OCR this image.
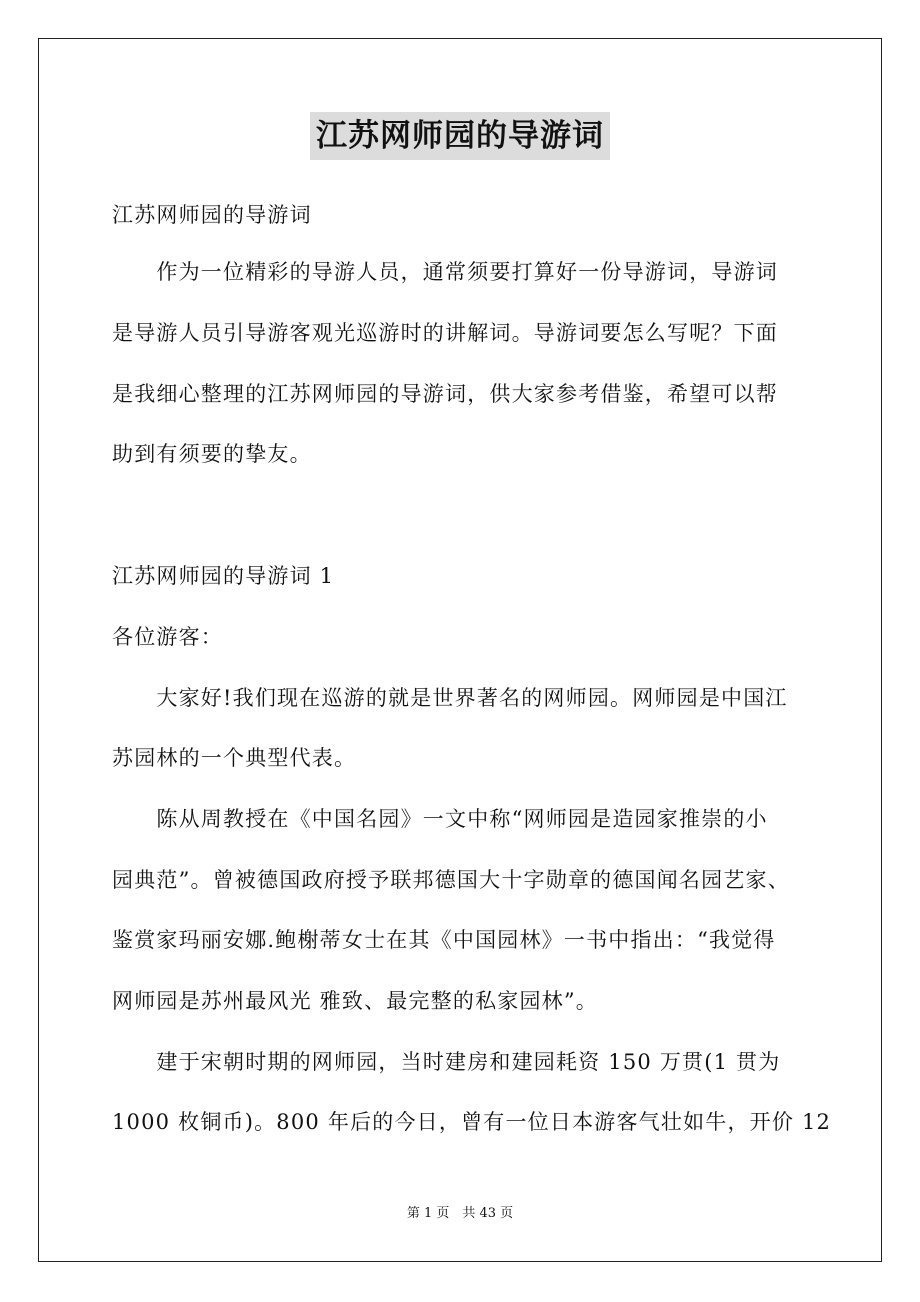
江苏网师园的导游词
江苏网师园的导游词
　　作为一位精彩的导游人员，通常须要打算好一份导游词，导游词
是导游人员引导游客观光巡游时的讲解词。导游词要怎么写呢？下面
是我细心整理的江苏网师园的导游词，供大家参考借鉴，希望可以帮
助到有须要的挚友。
江苏网师园的导游词 1
各位游客：
　　大家好!我们现在巡游的就是世界著名的网师园。网师园是中国江
苏园林的一个典型代表。
　　陈从周教授在《中国名园》一文中称“网师园是造园家推崇的小
园典范”。曾被德国政府授予联邦德国大十字勋章的德国闻名园艺家、
鉴赏家玛丽安娜.鲍榭蒂女士在其《中国园林》一书中指出：“我觉得
网师园是苏州最风光 雅致、最完整的私家园林”。
　　建于宋朝时期的网师园，当时建房和建园耗资 150 万贯(1 贯为
1000 枚铜币)。800 年后的今日，曾有一位日本游客气壮如牛，开价 12
第 1 页　共 43 页
